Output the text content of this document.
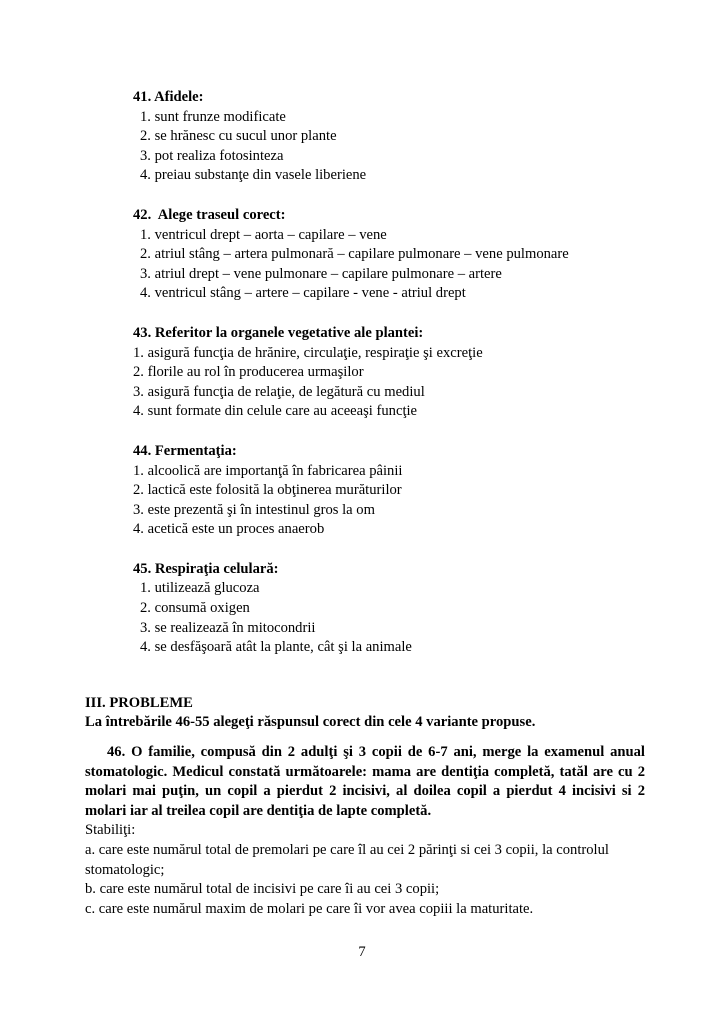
41. Afidele:
1. sunt frunze modificate
2. se hrănesc cu sucul unor plante
3. pot realiza fotosinteza
4. preiau substanţe din vasele liberiene
42.  Alege traseul corect:
1. ventricul drept – aorta – capilare – vene
2. atriul stâng – artera pulmonară – capilare pulmonare – vene pulmonare
3. atriul drept – vene pulmonare – capilare pulmonare – artere
4. ventricul stâng – artere – capilare - vene - atriul drept
43. Referitor la organele vegetative ale plantei:
1. asigură funcţia de hrănire, circulaţie, respiraţie şi excreţie
2. florile au rol în producerea urmaşilor
3. asigură funcţia de relaţie, de legătură cu mediul
4. sunt formate din celule care au aceeaşi funcţie
44. Fermentaţia:
1. alcoolică are importanţă în fabricarea pâinii
2. lactică este folosită la obţinerea murăturilor
3. este prezentă şi în intestinul gros la om
4. acetică este un proces anaerob
45. Respiraţia celulară:
1. utilizează glucoza
2. consumă oxigen
3. se realizează în mitocondrii
4. se desfăşoară atât la plante, cât şi la animale
III. PROBLEME
La întrebările 46-55 alegeţi răspunsul corect din cele 4 variante propuse.
46. O familie, compusă din 2 adulţi şi 3 copii de 6-7 ani, merge la examenul anual stomatologic. Medicul constată următoarele: mama are dentiţia completă, tatăl are cu 2 molari mai puţin, un copil a pierdut 2 incisivi, al doilea copil a pierdut 4 incisivi si 2 molari iar al treilea copil are dentiţia de lapte completă.
Stabiliţi:
a. care este numărul total de premolari pe care îl au cei 2 părinţi si cei 3 copii, la controlul stomatologic;
b. care este numărul total de incisivi pe care îi au cei 3 copii;
c. care este numărul maxim de molari pe care îi vor avea copiii la maturitate.
7
